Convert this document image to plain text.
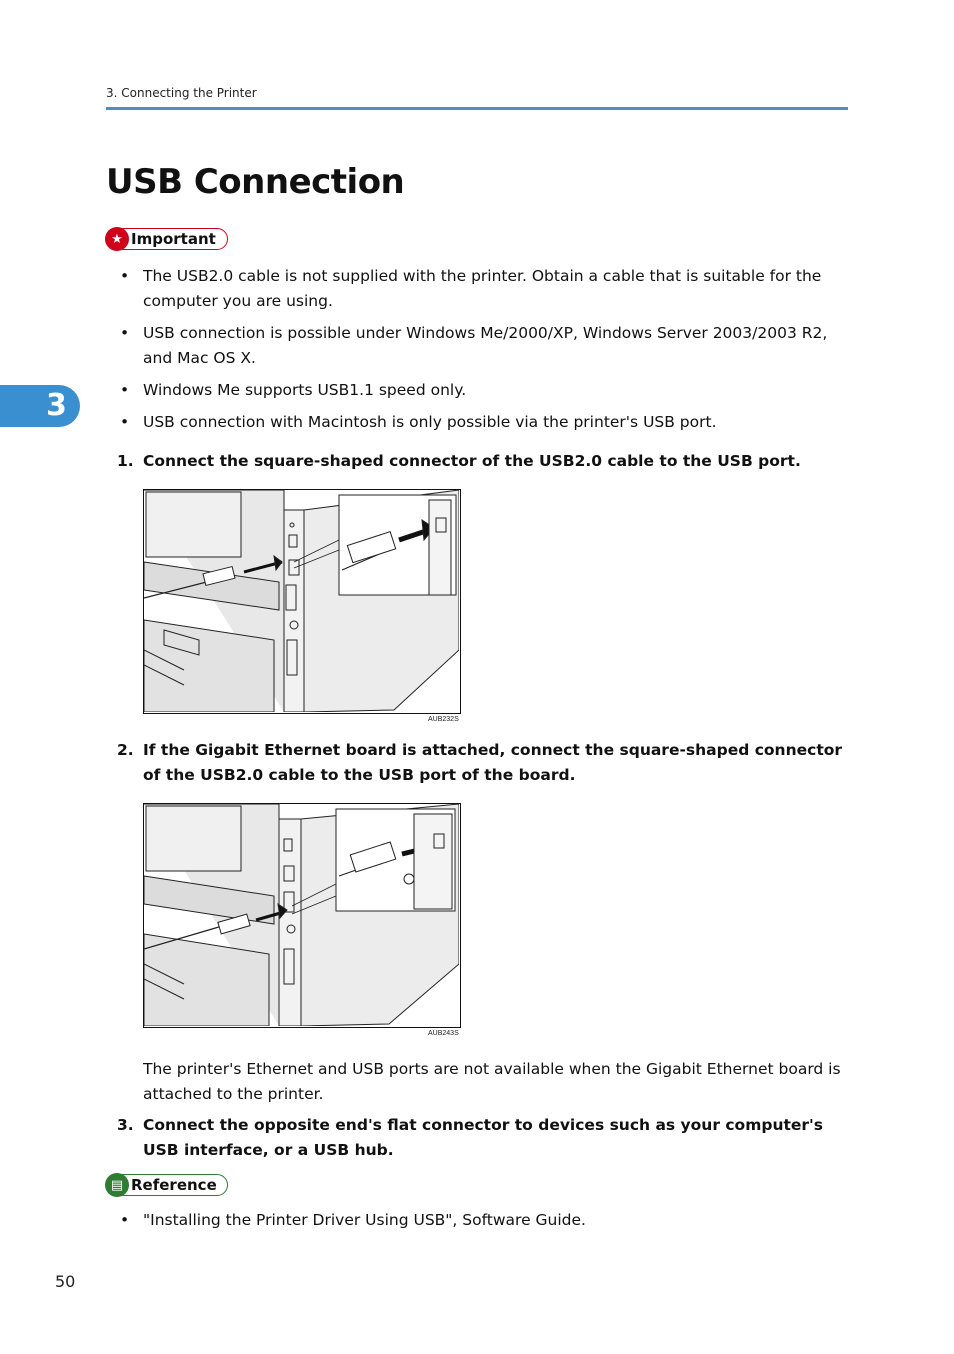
3. Connecting the Printer
USB Connection
★ Important
• The USB2.0 cable is not supplied with the printer. Obtain a cable that is suitable for the computer you are using.
• USB connection is possible under Windows Me/2000/XP, Windows Server 2003/2003 R2, and Mac OS X.
• Windows Me supports USB1.1 speed only.
• USB connection with Macintosh is only possible via the printer's USB port.
1. Connect the square-shaped connector of the USB2.0 cable to the USB port.
AUB232S
2. If the Gigabit Ethernet board is attached, connect the square-shaped connector of the USB2.0 cable to the USB port of the board.
AUB243S
The printer's Ethernet and USB ports are not available when the Gigabit Ethernet board is attached to the printer.
3. Connect the opposite end's flat connector to devices such as your computer's USB interface, or a USB hub.
▤ Reference
• "Installing the Printer Driver Using USB", Software Guide.
3
50
